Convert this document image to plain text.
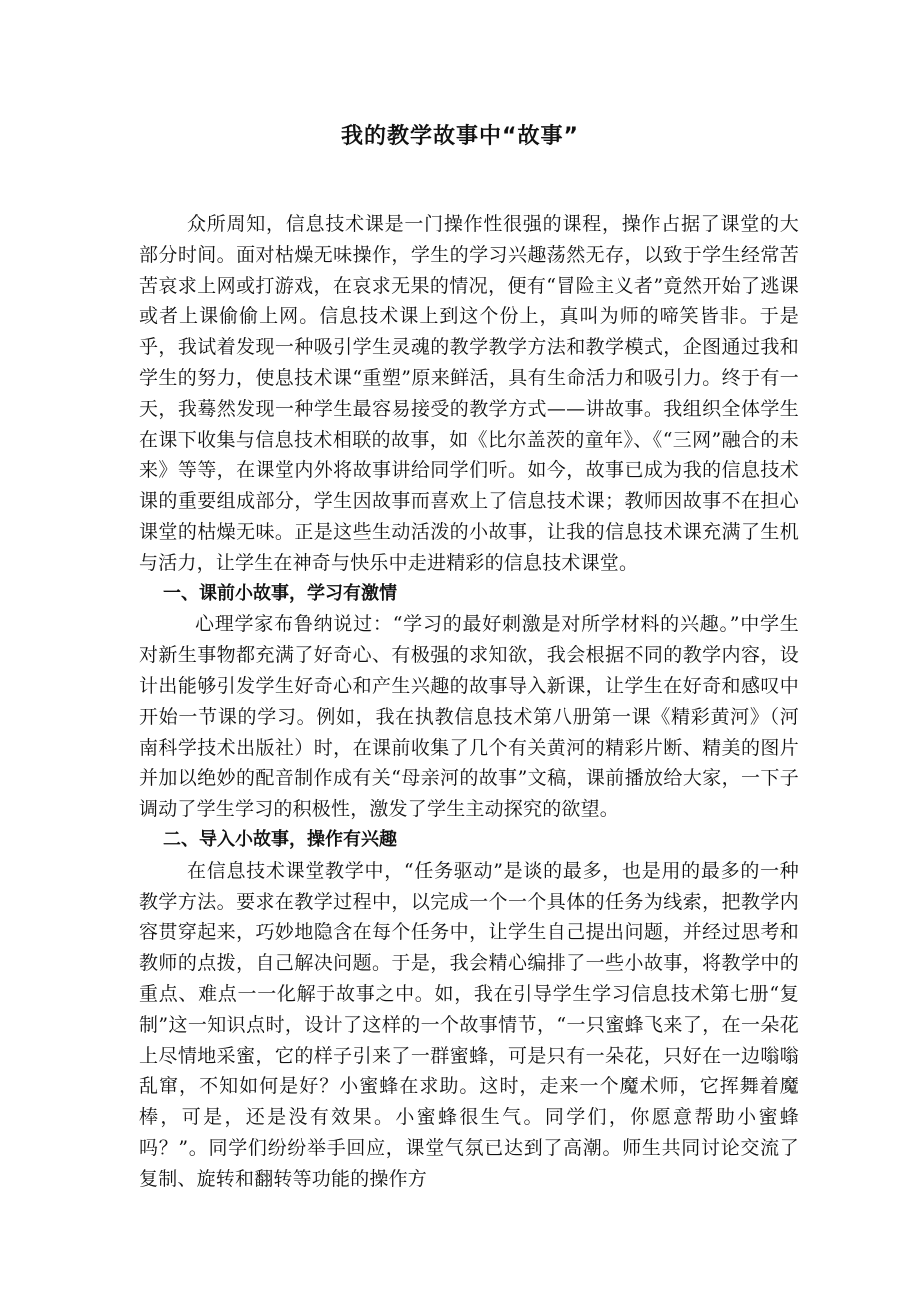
我的教学故事中“故事”

众所周知，信息技术课是一门操作性很强的课程，操作占据了课堂的大部分时间。面对枯燥无味操作，学生的学习兴趣荡然无存，以致于学生经常苦苦哀求上网或打游戏，在哀求无果的情况，便有“冒险主义者”竟然开始了逃课或者上课偷偷上网。信息技术课上到这个份上，真叫为师的啼笑皆非。于是乎，我试着发现一种吸引学生灵魂的教学教学方法和教学模式，企图通过我和学生的努力，使息技术课“重塑”原来鲜活，具有生命活力和吸引力。终于有一天，我蓦然发现一种学生最容易接受的教学方式——讲故事。我组织全体学生在课下收集与信息技术相联的故事，如《比尔盖茨的童年》、《“三网”融合的未来》等等，在课堂内外将故事讲给同学们听。如今，故事已成为我的信息技术课的重要组成部分，学生因故事而喜欢上了信息技术课；教师因故事不在担心课堂的枯燥无味。正是这些生动活泼的小故事，让我的信息技术课充满了生机与活力，让学生在神奇与快乐中走进精彩的信息技术课堂。

一、课前小故事，学习有激情

心理学家布鲁纳说过：“学习的最好刺激是对所学材料的兴趣。”中学生对新生事物都充满了好奇心、有极强的求知欲，我会根据不同的教学内容，设计出能够引发学生好奇心和产生兴趣的故事导入新课，让学生在好奇和感叹中开始一节课的学习。例如，我在执教信息技术第八册第一课《精彩黄河》（河南科学技术出版社）时，在课前收集了几个有关黄河的精彩片断、精美的图片并加以绝妙的配音制作成有关“母亲河的故事”文稿，课前播放给大家，一下子调动了学生学习的积极性，激发了学生主动探究的欲望。

二、导入小故事，操作有兴趣

在信息技术课堂教学中，“任务驱动”是谈的最多，也是用的最多的一种教学方法。要求在教学过程中，以完成一个一个具体的任务为线索，把教学内容贯穿起来，巧妙地隐含在每个任务中，让学生自己提出问题，并经过思考和教师的点拨，自己解决问题。于是，我会精心编排了一些小故事，将教学中的重点、难点一一化解于故事之中。如，我在引导学生学习信息技术第七册“复制”这一知识点时，设计了这样的一个故事情节，“一只蜜蜂飞来了，在一朵花上尽情地采蜜，它的样子引来了一群蜜蜂，可是只有一朵花，只好在一边嗡嗡乱窜，不知如何是好？小蜜蜂在求助。这时，走来一个魔术师，它挥舞着魔棒，可是，还是没有效果。小蜜蜂很生气。同学们，你愿意帮助小蜜蜂吗？”。同学们纷纷举手回应，课堂气氛已达到了高潮。师生共同讨论交流了复制、旋转和翻转等功能的操作方
